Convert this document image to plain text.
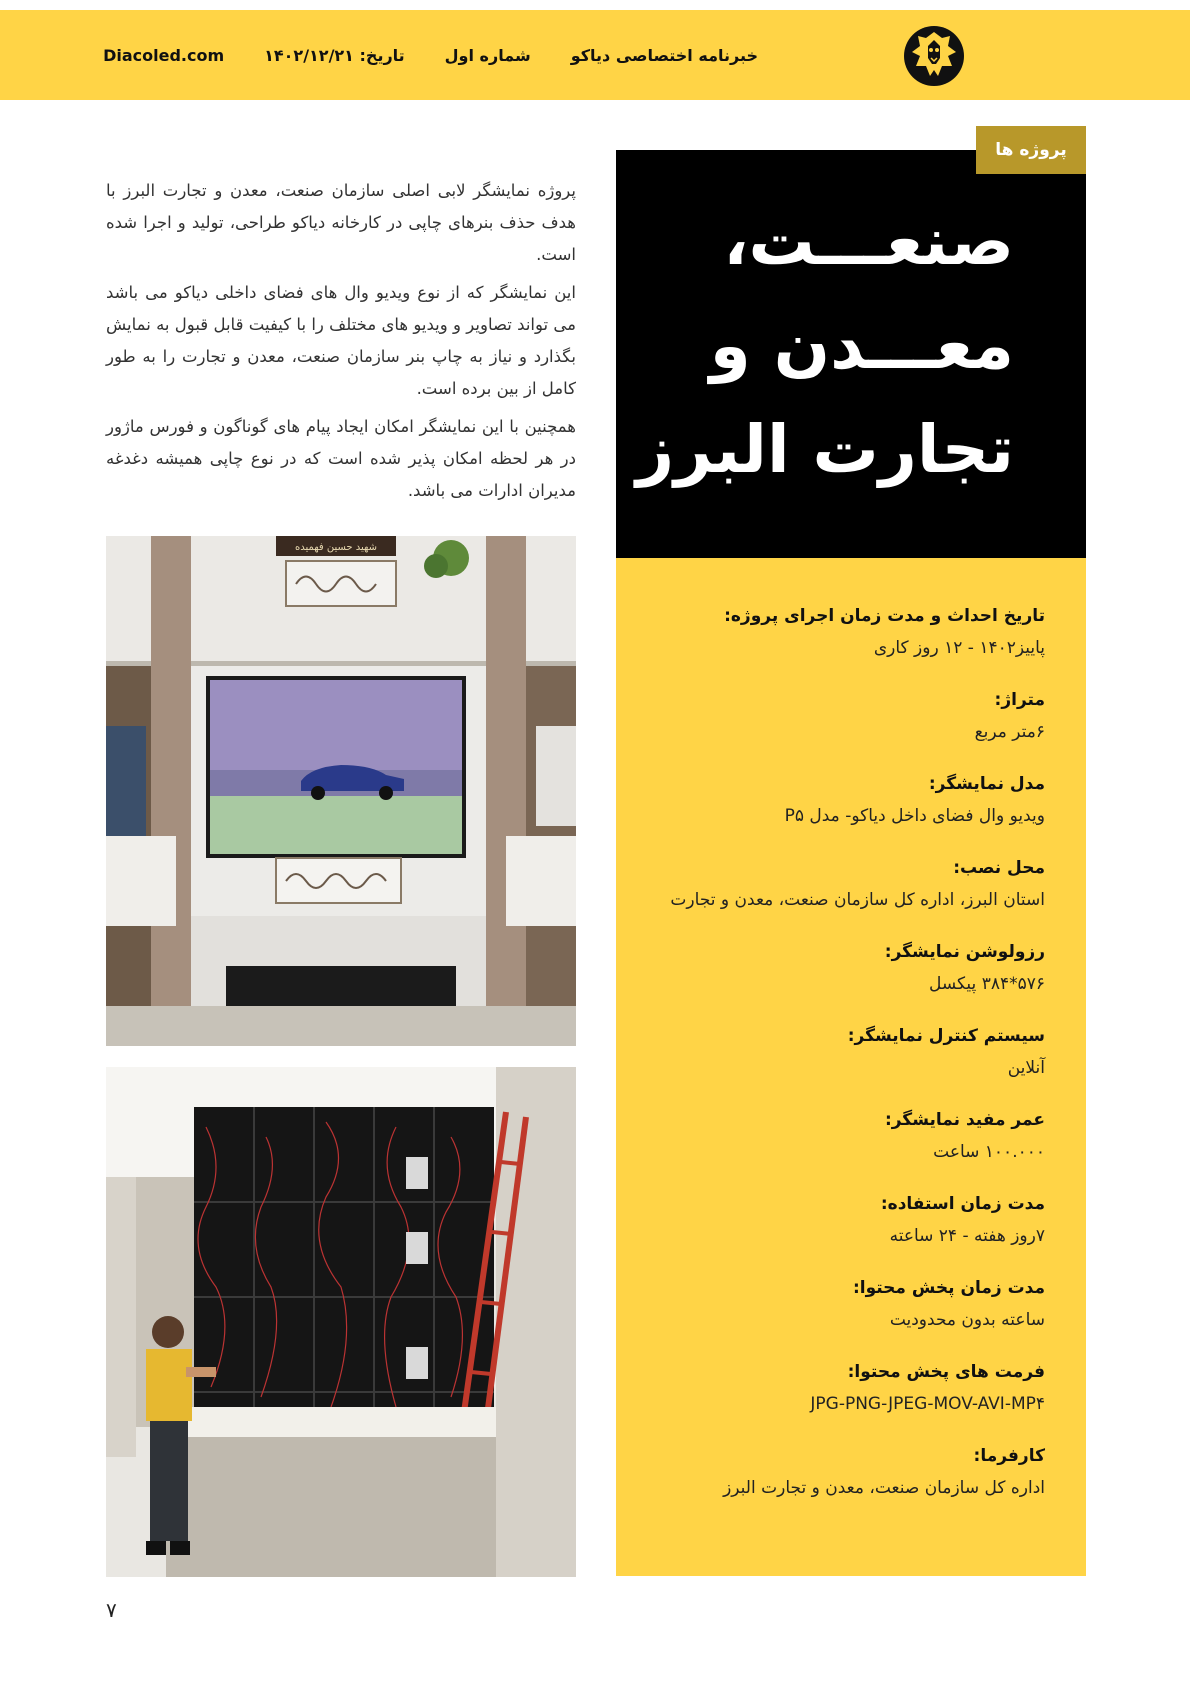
خبرنامه اختصاصی دیاکو
شماره اول
تاریخ: ۱۴۰۲/۱۲/۲۱
Diacoled.com
پروژه ها
صنعـــت،
معـــدن و
تجارت البرز
تاریخ احداث و مدت زمان اجرای پروژه:
پاییز۱۴۰۲ - ۱۲ روز کاری
متراژ:
۶متر مربع
مدل نمایشگر:
ویدیو وال فضای داخل دیاکو- مدل P۵
محل نصب:
استان البرز، اداره کل سازمان صنعت، معدن و تجارت
رزولوشن نمایشگر:
۵۷۶*۳۸۴ پیکسل
سیستم کنترل نمایشگر:
آنلاین
عمر مفید نمایشگر:
۱۰۰.۰۰۰ ساعت
مدت زمان استفاده:
۷روز هفته - ۲۴ ساعته
مدت زمان پخش محتوا:
ساعته بدون محدودیت
فرمت های پخش محتوا:
JPG-PNG-JPEG-MOV-AVI-MP۴
کارفرما:
اداره کل سازمان صنعت، معدن و تجارت البرز

پروژه نمایشگر لابی اصلی سازمان صنعت، معدن و تجارت البرز با هدف حذف بنرهای چاپی در کارخانه دیاکو طراحی، تولید و اجرا شده است.

این نمایشگر که از نوع ویدیو وال های فضای داخلی دیاکو می باشد می تواند تصاویر و ویدیو های مختلف را با کیفیت قابل قبول به نمایش بگذارد و نیاز به چاپ بنر سازمان صنعت، معدن و تجارت را به طور کامل از بین برده است.

همچنین با این نمایشگر امکان ایجاد پیام های گوناگون و فورس ماژور در هر لحظه امکان پذیر شده است که در نوع چاپی همیشه دغدغه مدیران ادارات می باشد.

شهید حسین فهمیده
۷
